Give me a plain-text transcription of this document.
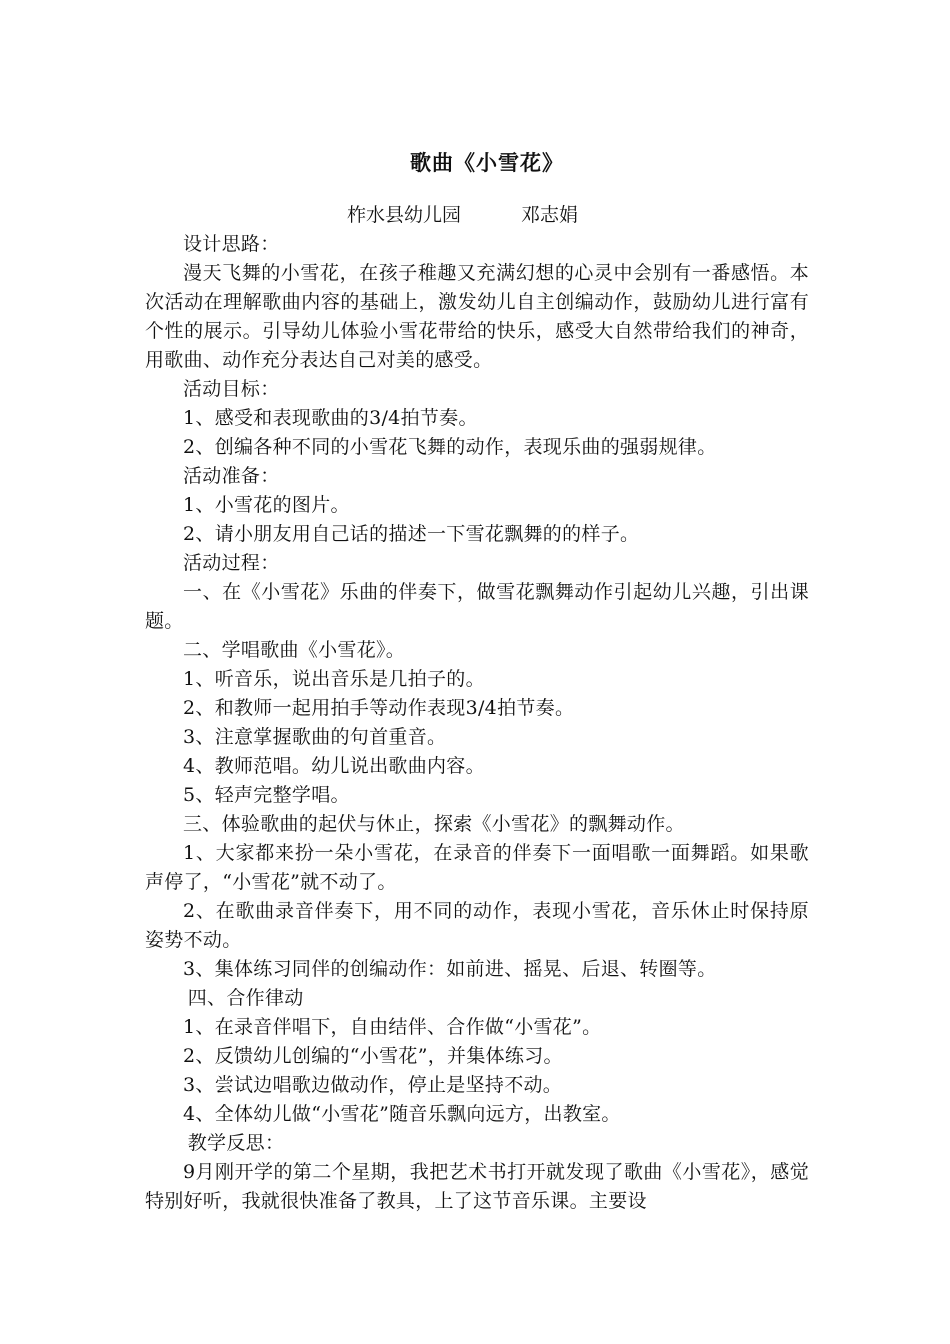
歌曲《小雪花》
柞水县幼儿园	邓志娟

设计思路：

漫天飞舞的小雪花，在孩子稚趣又充满幻想的心灵中会别有一番感悟。本次活动在理解歌曲内容的基础上，激发幼儿自主创编动作，鼓励幼儿进行富有个性的展示。引导幼儿体验小雪花带给的快乐，感受大自然带给我们的神奇，用歌曲、动作充分表达自己对美的感受。

活动目标：

1、感受和表现歌曲的3/4拍节奏。

2、创编各种不同的小雪花飞舞的动作，表现乐曲的强弱规律。

活动准备：

1、小雪花的图片。

2、请小朋友用自己话的描述一下雪花飘舞的的样子。

活动过程：

一、在《小雪花》乐曲的伴奏下，做雪花飘舞动作引起幼儿兴趣，引出课题。

二、学唱歌曲《小雪花》。

1、听音乐，说出音乐是几拍子的。

2、和教师一起用拍手等动作表现3/4拍节奏。

3、注意掌握歌曲的句首重音。

4、教师范唱。幼儿说出歌曲内容。

5、轻声完整学唱。

三、体验歌曲的起伏与休止，探索《小雪花》的飘舞动作。

1、大家都来扮一朵小雪花，在录音的伴奏下一面唱歌一面舞蹈。如果歌声停了，“小雪花”就不动了。

2、在歌曲录音伴奏下，用不同的动作，表现小雪花，音乐休止时保持原姿势不动。

3、集体练习同伴的创编动作：如前进、摇晃、后退、转圈等。

四、合作律动

1、在录音伴唱下，自由结伴、合作做“小雪花”。

2、反馈幼儿创编的“小雪花”，并集体练习。

3、尝试边唱歌边做动作，停止是坚持不动。

4、全体幼儿做“小雪花”随音乐飘向远方，出教室。

教学反思：

9月刚开学的第二个星期，我把艺术书打开就发现了歌曲《小雪花》，感觉特别好听，我就很快准备了教具，上了这节音乐课。主要设
